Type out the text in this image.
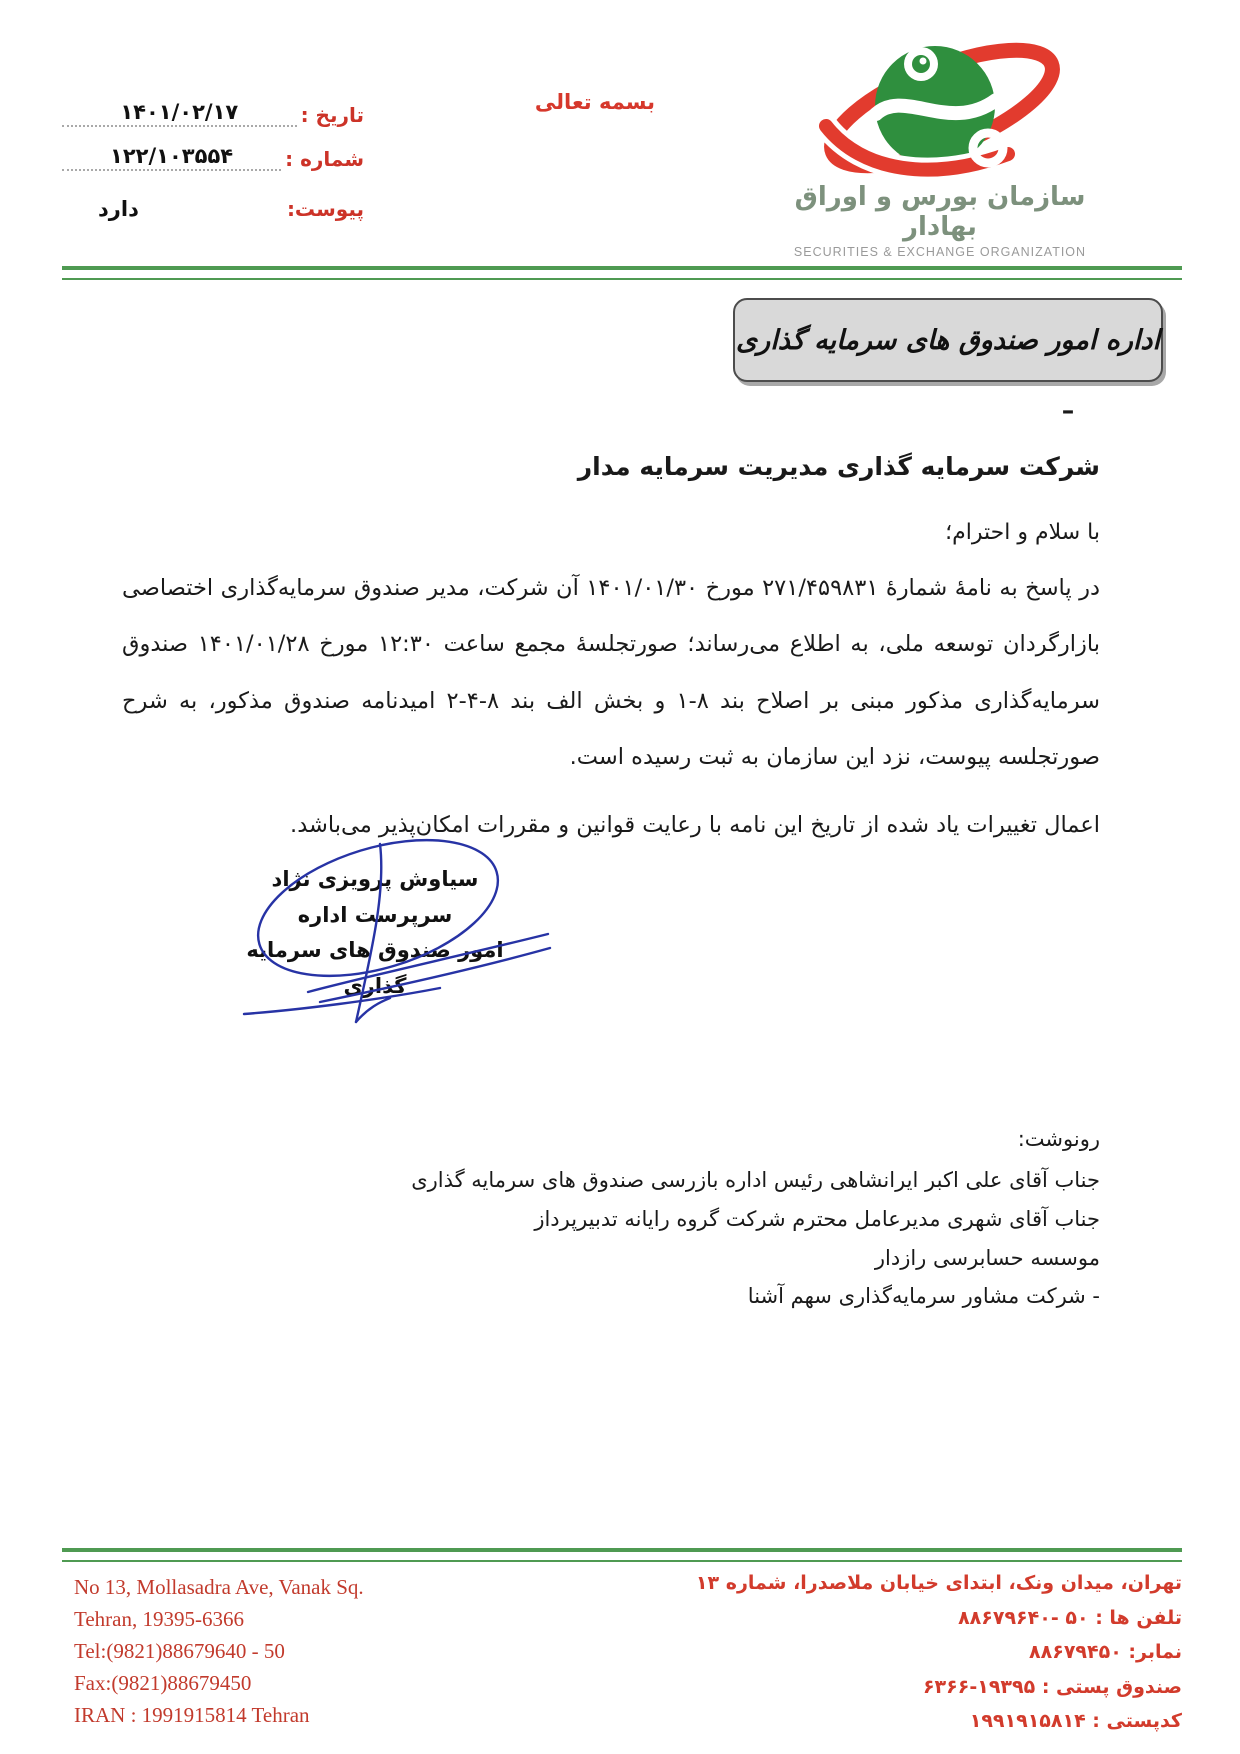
تاریخ :
۱۴۰۱/۰۲/۱۷
شماره :
۱۲۲/۱۰۳۵۵۴
پیوست:
دارد
بسمه تعالی
سازمان بورس و اوراق بهادار
SECURITIES & EXCHANGE ORGANIZATION
اداره امور صندوق های سرمایه گذاری
–
شرکت سرمایه گذاری مدیریت سرمایه مدار
با سلام و احترام؛

در پاسخ به نامهٔ شمارهٔ ۲۷۱/۴۵۹۸۳۱ مورخ ۱۴۰۱/۰۱/۳۰ آن شرکت، مدیر صندوق سرمایه‌گذاری اختصاصی بازارگردان توسعه ملی، به اطلاع می‌رساند؛ صورتجلسهٔ مجمع ساعت ۱۲:۳۰ مورخ ۱۴۰۱/۰۱/۲۸ صندوق سرمایه‌گذاری مذکور مبنی بر اصلاح بند ۸-۱ و بخش الف بند ۸-۴-۲ امیدنامه صندوق مذکور، به شرح صورتجلسه پیوست، نزد این سازمان به ثبت رسیده است.

اعمال تغییرات یاد شده از تاریخ این نامه با رعایت قوانین و مقررات امکان‌پذیر می‌باشد.

سیاوش پرویزی نژاد
سرپرست اداره
امور صندوق های سرمایه گذاری
رونوشت:
جناب آقای علی اکبر ایرانشاهی رئیس اداره بازرسی صندوق های سرمایه گذاری
جناب آقای شهری مدیرعامل محترم شرکت گروه رایانه تدبیرپرداز
موسسه حسابرسی رازدار
- شرکت مشاور سرمایه‌گذاری سهم آشنا
No 13, Mollasadra Ave, Vanak Sq.
Tehran, 19395-6366
Tel:(9821)88679640 - 50
Fax:(9821)88679450
IRAN : 1991915814 Tehran
تهران، میدان ونک، ابتدای خیابان ملاصدرا، شماره ۱۳
تلفن ها : ۵۰ -۸۸۶۷۹۶۴۰
نمابر: ۸۸۶۷۹۴۵۰
صندوق پستی : ۱۹۳۹۵-۶۳۶۶
کدپستی : ۱۹۹۱۹۱۵۸۱۴
